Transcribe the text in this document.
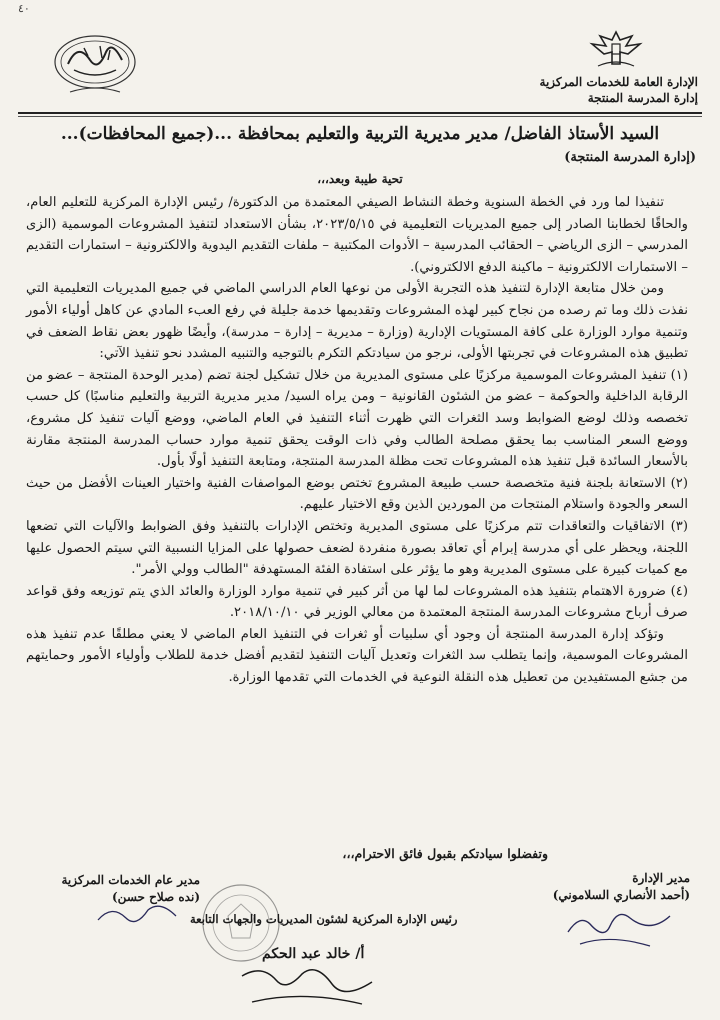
٤٠
الإدارة العامة للخدمات المركزية
إدارة المدرسة المنتجة
السيد الأستاذ الفاضل/ مدير مديرية التربية والتعليم بمحافظة ...(جميع المحافظات)...
(إدارة المدرسة المنتجة)
تحية طيبة وبعد،،،

تنفيذا لما ورد في الخطة السنوية وخطة النشاط الصيفي المعتمدة من الدكتورة/ رئيس الإدارة المركزية للتعليم العام، والحاقًا لخطابنا الصادر إلى جميع المديريات التعليمية في ٢٠٢٣/٥/١٥، بشأن الاستعداد لتنفيذ المشروعات الموسمية (الزى المدرسي – الزى الرياضي – الحقائب المدرسية – الأدوات المكتبية – ملفات التقديم اليدوية والالكترونية – استمارات التقديم – الاستمارات الالكترونية – ماكينة الدفع الالكتروني).

ومن خلال متابعة الإدارة لتنفيذ هذه التجربة الأولى من نوعها العام الدراسي الماضي في جميع المديريات التعليمية التي نفذت ذلك وما تم رصده من نجاح كبير لهذه المشروعات وتقديمها خدمة جليلة في رفع العبء المادي عن كاهل أولياء الأمور وتنمية موارد الوزارة على كافة المستويات الإدارية (وزارة – مديرية – إدارة – مدرسة)، وأيضًا ظهور بعض نقاط الضعف في تطبيق هذه المشروعات في تجربتها الأولى، نرجو من سيادتكم التكرم بالتوجيه والتنبيه المشدد نحو تنفيذ الآتي:

(١) تنفيذ المشروعات الموسمية مركزيًا على مستوى المديرية من خلال تشكيل لجنة تضم (مدير الوحدة المنتجة – عضو من الرقابة الداخلية والحوكمة – عضو من الشئون القانونية – ومن يراه السيد/ مدير مديرية التربية والتعليم مناسبًا) كل حسب تخصصه وذلك لوضع الضوابط وسد الثغرات التي ظهرت أثناء التنفيذ في العام الماضي، ووضع آليات تنفيذ كل مشروع، ووضع السعر المناسب بما يحقق مصلحة الطالب وفي ذات الوقت يحقق تنمية موارد حساب المدرسة المنتجة مقارنة بالأسعار السائدة قبل تنفيذ هذه المشروعات تحت مظلة المدرسة المنتجة، ومتابعة التنفيذ أولًا بأول.

(٢) الاستعانة بلجنة فنية متخصصة حسب طبيعة المشروع تختص بوضع المواصفات الفنية واختيار العينات الأفضل من حيث السعر والجودة واستلام المنتجات من الموردين الذين وقع الاختيار عليهم.

(٣) الاتفاقيات والتعاقدات تتم مركزيًا على مستوى المديرية وتختص الإدارات بالتنفيذ وفق الضوابط والآليات التي تضعها اللجنة، ويحظر على أي مدرسة إبرام أي تعاقد بصورة منفردة لضعف حصولها على المزايا النسبية التي سيتم الحصول عليها مع كميات كبيرة على مستوى المديرية وهو ما يؤثر على استفادة الفئة المستهدفة "الطالب وولي الأمر".

(٤) ضرورة الاهتمام بتنفيذ هذه المشروعات لما لها من أثر كبير في تنمية موارد الوزارة والعائد الذي يتم توزيعه وفق قواعد صرف أرباح مشروعات المدرسة المنتجة المعتمدة من معالي الوزير في ٢٠١٨/١٠/١٠.

وتؤكد إدارة المدرسة المنتجة أن وجود أي سلبيات أو ثغرات في التنفيذ العام الماضي لا يعني مطلقًا عدم تنفيذ هذه المشروعات الموسمية، وإنما يتطلب سد الثغرات وتعديل آليات التنفيذ لتقديم أفضل خدمة للطلاب وأولياء الأمور وحمايتهم من جشع المستفيدين من تعطيل هذه النقلة النوعية في الخدمات التي تقدمها الوزارة.

وتفضلوا سيادتكم بقبول فائق الاحترام،،،
مدير الإدارة
(أحمد الأنصاري السلاموني)
مدير عام الخدمات المركزية
(نده صلاح حسن)
رئيس الإدارة المركزية لشئون المديريات والجهات التابعة
أ/ خالد عبد الحكم
